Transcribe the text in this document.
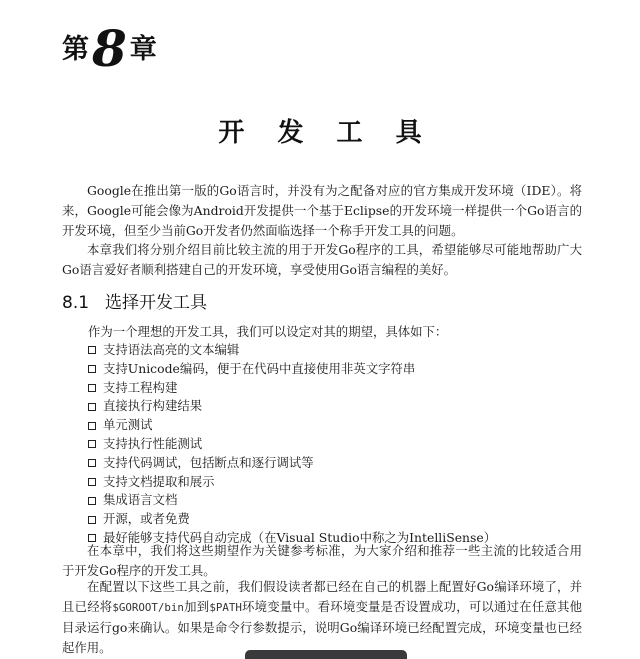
第 8 章
开 发 工 具

Google在推出第一版的Go语言时，并没有为之配备对应的官方集成开发环境（IDE）。将来，Google可能会像为Android开发提供一个基于Eclipse的开发环境一样提供一个Go语言的开发环境，但至少当前Go开发者仍然面临选择一个称手开发工具的问题。

本章我们将分别介绍目前比较主流的用于开发Go程序的工具，希望能够尽可能地帮助广大Go语言爱好者顺利搭建自己的开发环境，享受使用Go语言编程的美好。

8.1 选择开发工具
作为一个理想的开发工具，我们可以设定对其的期望，具体如下：
支持语法高亮的文本编辑
支持Unicode编码，便于在代码中直接使用非英文字符串
支持工程构建
直接执行构建结果
单元测试
支持执行性能测试
支持代码调试，包括断点和逐行调试等
支持文档提取和展示
集成语言文档
开源，或者免费
最好能够支持代码自动完成（在Visual Studio中称之为IntelliSense）

在本章中，我们将这些期望作为关键参考标准，为大家介绍和推荐一些主流的比较适合用于开发Go程序的开发工具。

在配置以下这些工具之前，我们假设读者都已经在自己的机器上配置好Go编译环境了，并且已经将$GOROOT/bin加到$PATH环境变量中。看环境变量是否设置成功，可以通过在任意其他目录运行go来确认。如果是命令行参数提示，说明Go编译环境已经配置完成，环境变量也已经起作用。
